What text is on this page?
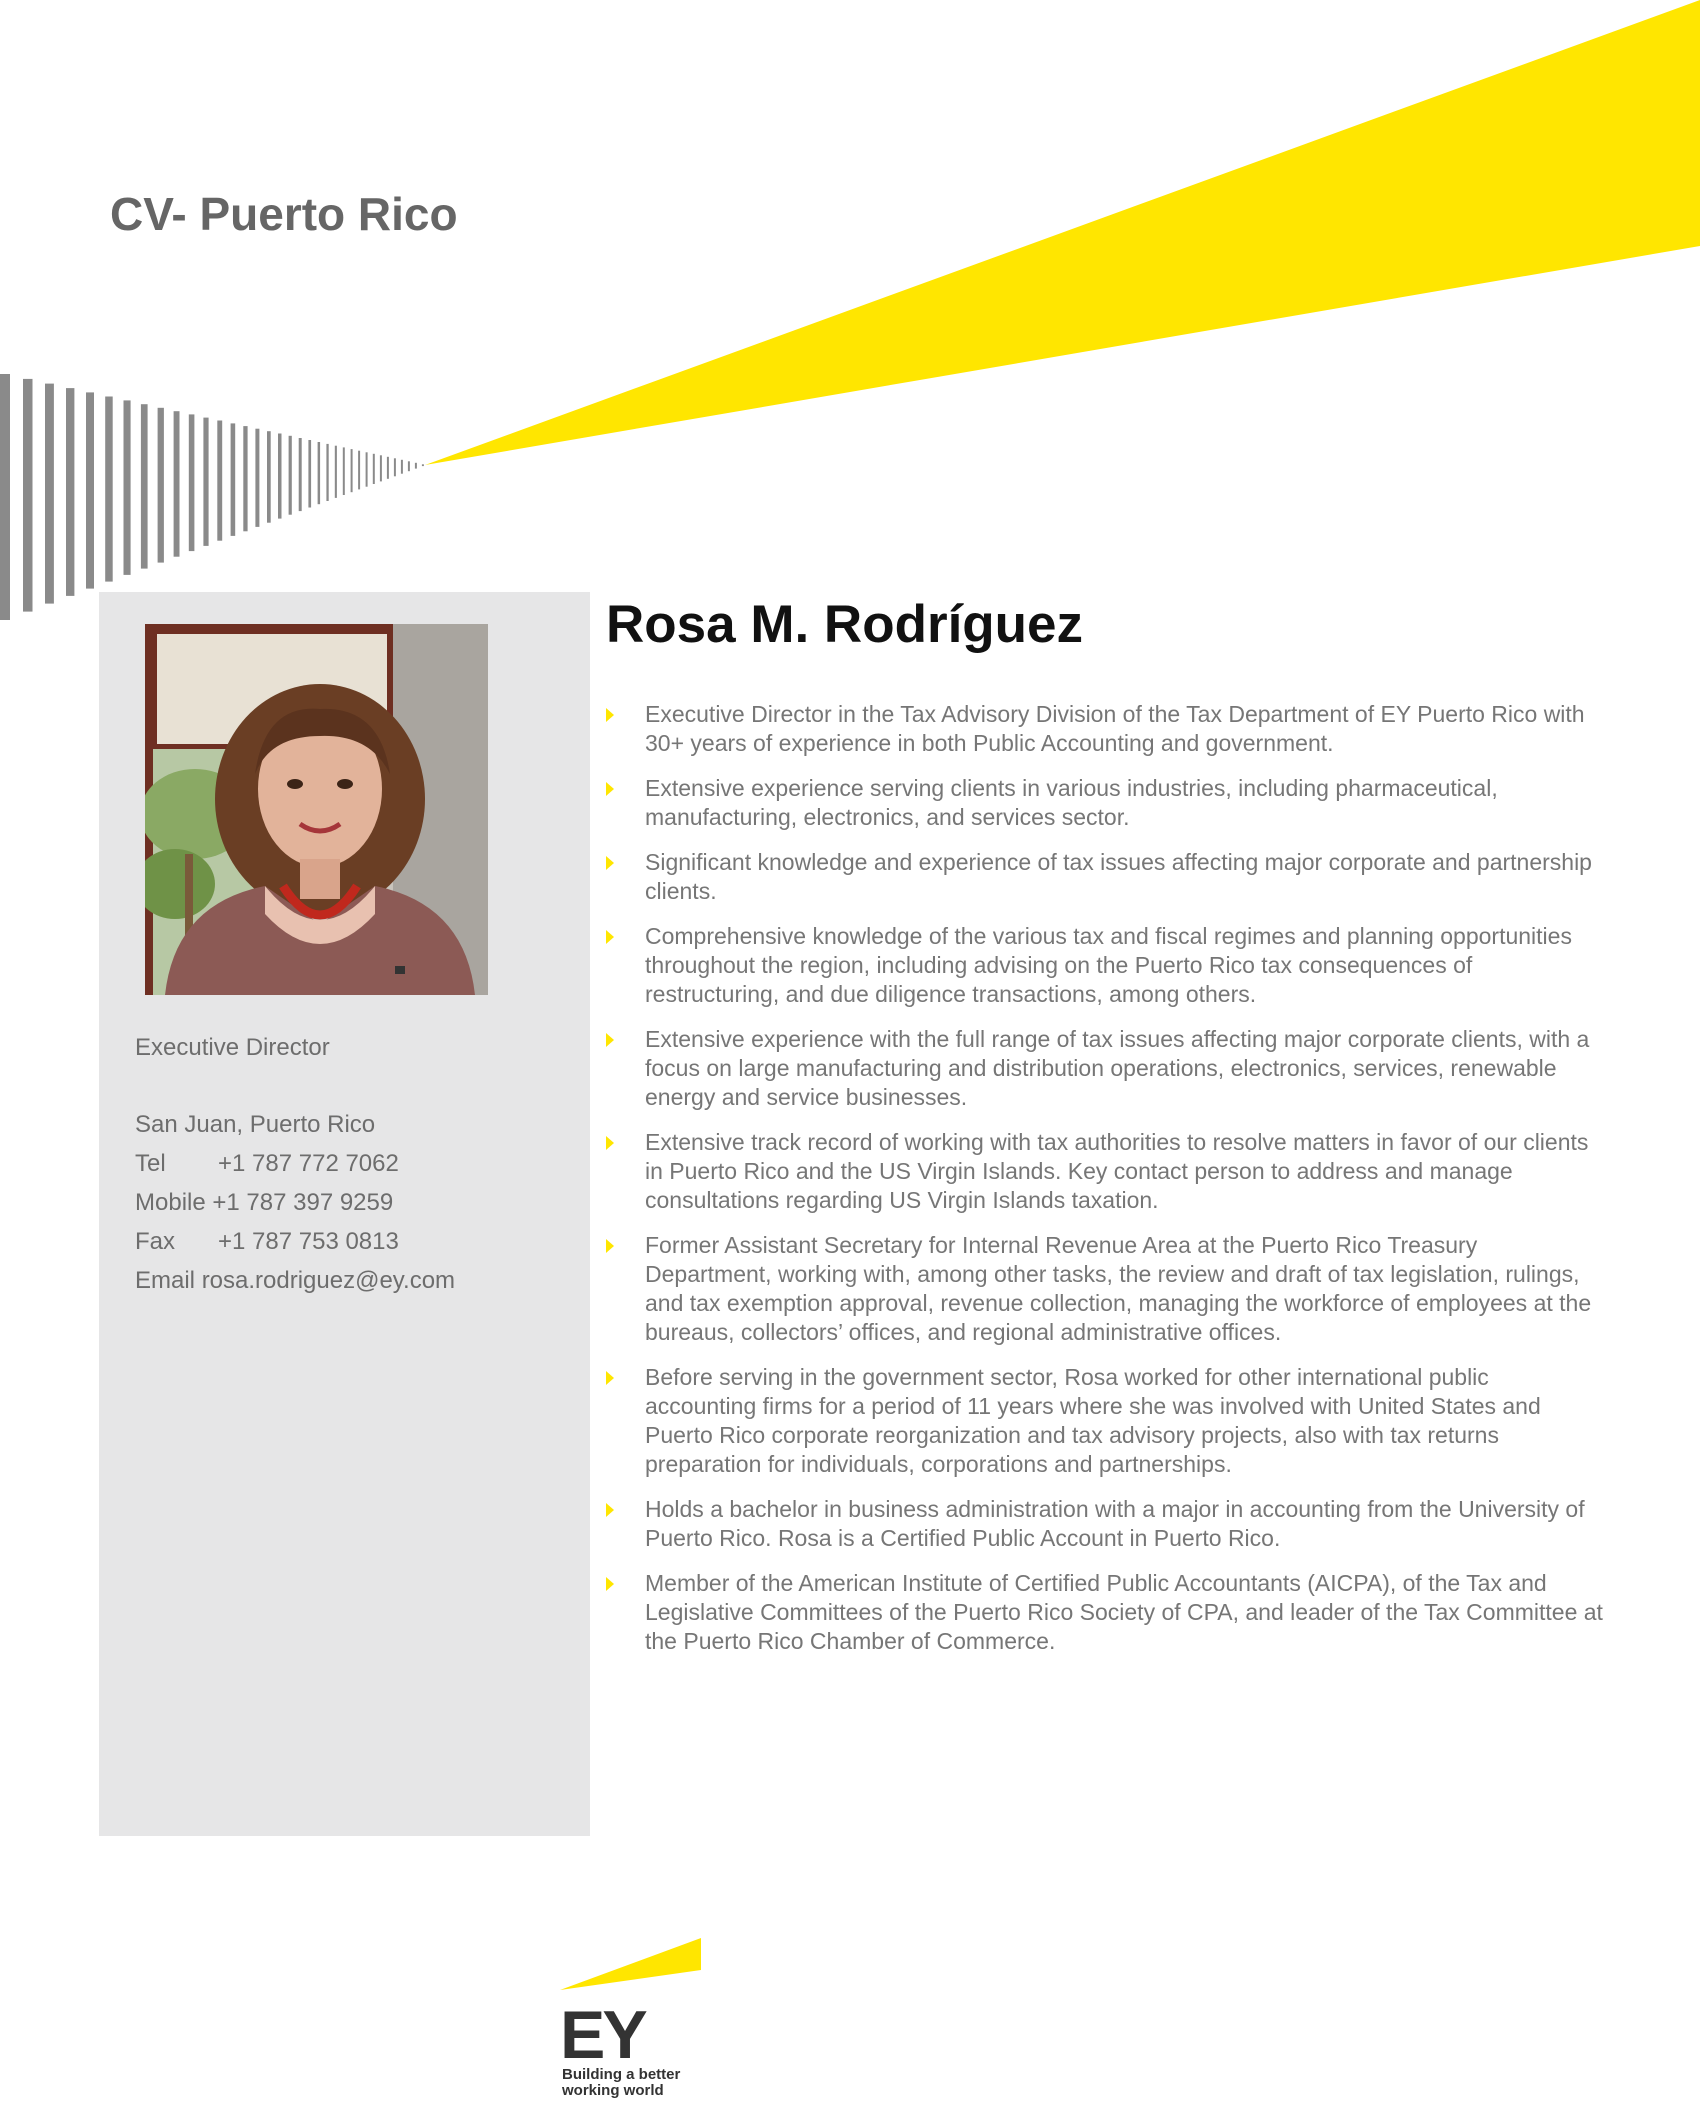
CV- Puerto Rico
Executive Director
San Juan, Puerto Rico
Tel +1 787 772 7062
Mobile +1 787 397 9259
Fax +1 787 753 0813
Email rosa.rodriguez@ey.com
Rosa M. Rodríguez
Executive Director in the Tax Advisory Division of the Tax Department of EY Puerto Rico with 30+ years of experience in both Public Accounting and government.
Extensive experience serving clients in various industries, including pharmaceutical, manufacturing, electronics, and services sector.
Significant knowledge and experience of tax issues affecting major corporate and partnership clients.
Comprehensive knowledge of the various tax and fiscal regimes and planning opportunities throughout the region, including advising on the Puerto Rico tax consequences of restructuring, and due diligence transactions, among others.
Extensive experience with the full range of tax issues affecting major corporate clients, with a focus on large manufacturing and distribution operations, electronics, services, renewable energy and service businesses.
Extensive track record of working with tax authorities to resolve matters in favor of our clients in Puerto Rico and the US Virgin Islands. Key contact person to address and manage consultations regarding US Virgin Islands taxation.
Former Assistant Secretary for Internal Revenue Area at the Puerto Rico Treasury Department, working with, among other tasks, the review and draft of tax legislation, rulings, and tax exemption approval, revenue collection, managing the workforce of employees at the bureaus, collectors’ offices, and regional administrative offices.
Before serving in the government sector, Rosa worked for other international public accounting firms for a period of 11 years where she was involved with United States and Puerto Rico corporate reorganization and tax advisory projects, also with tax returns preparation for individuals, corporations and partnerships.
Holds a bachelor in business administration with a major in accounting from the University of Puerto Rico. Rosa is a Certified Public Account in Puerto Rico.
Member of the American Institute of Certified Public Accountants (AICPA), of the Tax and Legislative Committees of the Puerto Rico Society of CPA, and leader of the Tax Committee at the Puerto Rico Chamber of Commerce.
EY

Building a better
working world
